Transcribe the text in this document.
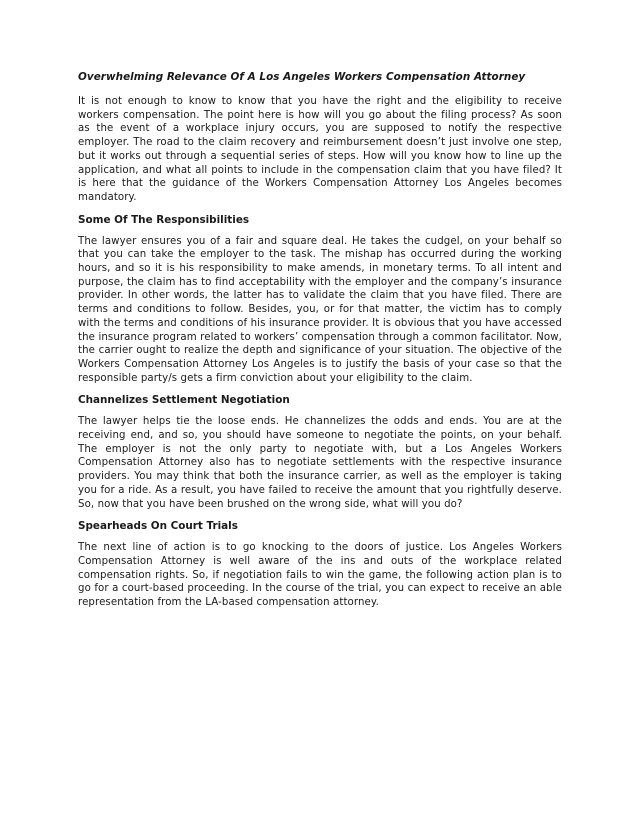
Overwhelming Relevance Of A Los Angeles Workers Compensation Attorney

It is not enough to know to know that you have the right and the eligibility to receive workers compensation. The point here is how will you go about the filing process? As soon as the event of a workplace injury occurs, you are supposed to notify the respective employer. The road to the claim recovery and reimbursement doesn’t just involve one step, but it works out through a sequential series of steps. How will you know how to line up the application, and what all points to include in the compensation claim that you have filed? It is here that the guidance of the Workers Compensation Attorney Los Angeles becomes mandatory.

Some Of The Responsibilities

The lawyer ensures you of a fair and square deal. He takes the cudgel, on your behalf so that you can take the employer to the task. The mishap has occurred during the working hours, and so it is his responsibility to make amends, in monetary terms. To all intent and purpose, the claim has to find acceptability with the employer and the company’s insurance provider. In other words, the latter has to validate the claim that you have filed. There are terms and conditions to follow. Besides, you, or for that matter, the victim has to comply with the terms and conditions of his insurance provider. It is obvious that you have accessed the insurance program related to workers’ compensation through a common facilitator. Now, the carrier ought to realize the depth and significance of your situation. The objective of the Workers Compensation Attorney Los Angeles is to justify the basis of your case so that the responsible party/s gets a firm conviction about your eligibility to the claim.

Channelizes Settlement Negotiation

The lawyer helps tie the loose ends. He channelizes the odds and ends. You are at the receiving end, and so, you should have someone to negotiate the points, on your behalf. The employer is not the only party to negotiate with, but a Los Angeles Workers Compensation Attorney also has to negotiate settlements with the respective insurance providers. You may think that both the insurance carrier, as well as the employer is taking you for a ride. As a result, you have failed to receive the amount that you rightfully deserve. So, now that you have been brushed on the wrong side, what will you do?

Spearheads On Court Trials

The next line of action is to go knocking to the doors of justice. Los Angeles Workers Compensation Attorney is well aware of the ins and outs of the workplace related compensation rights. So, if negotiation fails to win the game, the following action plan is to go for a court-based proceeding. In the course of the trial, you can expect to receive an able representation from the LA-based compensation attorney.
